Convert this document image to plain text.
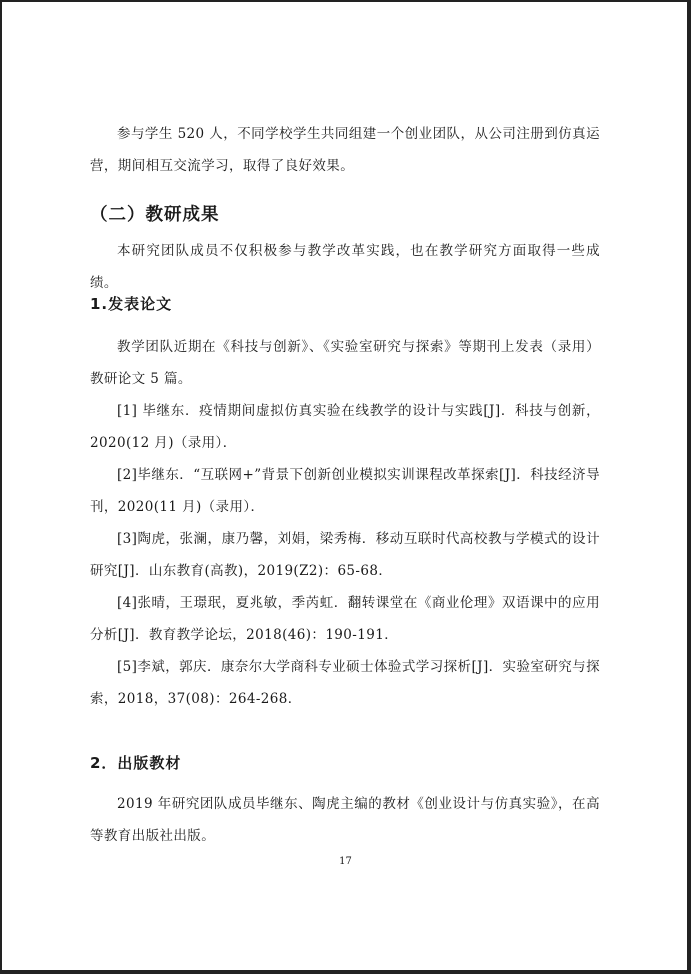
参与学生 520 人，不同学校学生共同组建一个创业团队，从公司注册到仿真运营，期间相互交流学习，取得了良好效果。

（二）教研成果

本研究团队成员不仅积极参与教学改革实践，也在教学研究方面取得一些成绩。

1.发表论文

教学团队近期在《科技与创新》、《实验室研究与探索》等期刊上发表（录用）教研论文 5 篇。

[1] 毕继东．疫情期间虚拟仿真实验在线教学的设计与实践[J]．科技与创新，2020(12 月)（录用）．

[2]毕继东．“互联网+”背景下创新创业模拟实训课程改革探索[J]．科技经济导刊，2020(11 月)（录用）．

[3]陶虎，张澜，康乃馨，刘娟，梁秀梅．移动互联时代高校教与学模式的设计研究[J]．山东教育(高教)，2019(Z2)：65-68．

[4]张晴，王璟珉，夏兆敏，季芮虹．翻转课堂在《商业伦理》双语课中的应用分析[J]．教育教学论坛，2018(46)：190-191．

[5]李斌，郭庆．康奈尔大学商科专业硕士体验式学习探析[J]．实验室研究与探索，2018，37(08)：264-268．

2．出版教材

2019 年研究团队成员毕继东、陶虎主编的教材《创业设计与仿真实验》，在高等教育出版社出版。

17
